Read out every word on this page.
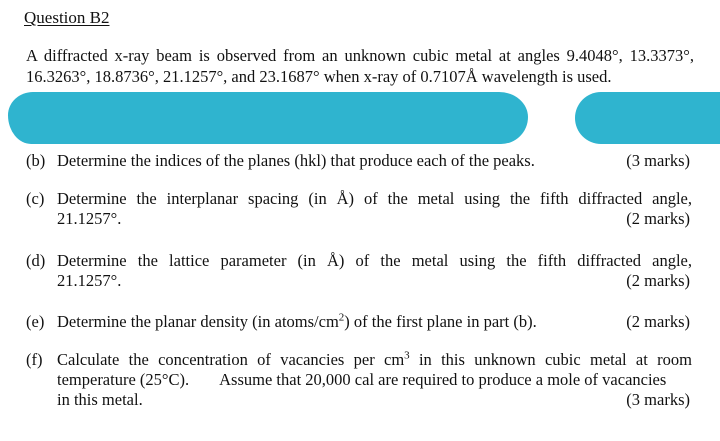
Question B2
A diffracted x-ray beam is observed from an unknown cubic metal at angles 9.4048°, 13.3373°,
16.3263°, 18.8736°, 21.1257°, and 23.1687° when x-ray of 0.7107Å wavelength is used.
(b) Determine the indices of the planes (hkl) that produce each of the peaks.	(3 marks)
(c) Determine the interplanar spacing (in Å) of the metal using the fifth diffracted angle,
21.1257°.	(2 marks)
(d) Determine the lattice parameter (in Å) of the metal using the fifth diffracted angle,
21.1257°.	(2 marks)
(e) Determine the planar density (in atoms/$cm^2$) of the first plane in part (b).	(2 marks)
(f) Calculate the concentration of vacancies per $cm^3$ in this unknown cubic metal at room
temperature (25°C). Assume that 20,000 cal are required to produce a mole of vacancies
in this metal.	(3 marks)
